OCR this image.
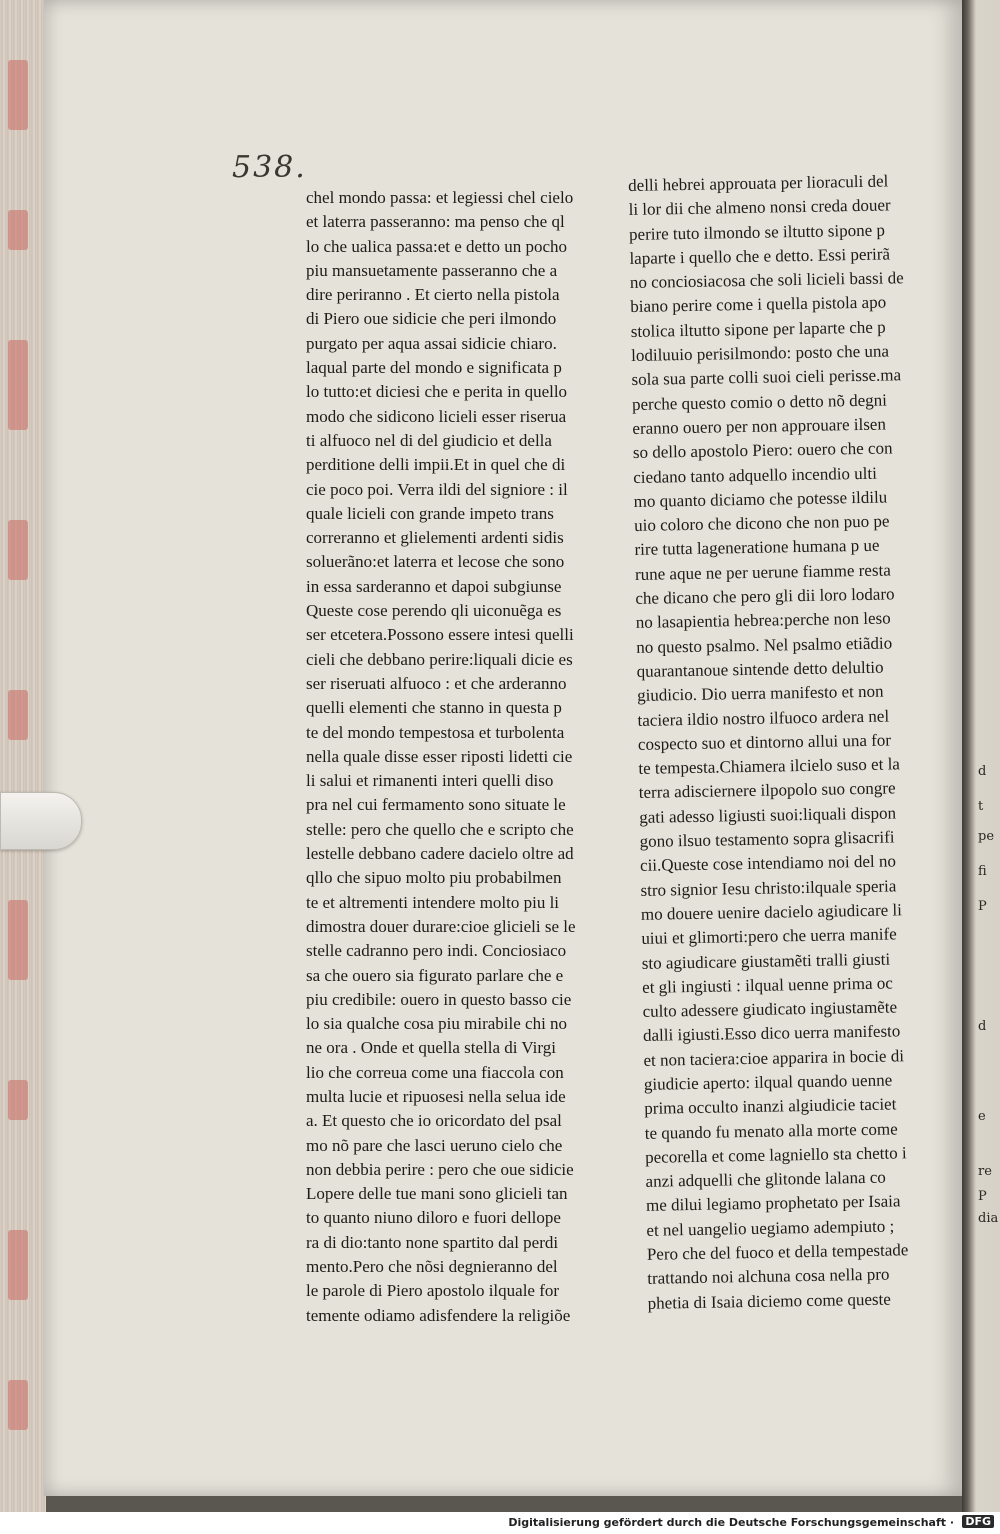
d
t
pe
fi
P
d
e
re
P
dia
538.
chel mondo passa: et legiessi chel cielo
et laterra passeranno: ma penso che ql
lo che ualica passa:et e detto un pocho
piu mansuetamente passeranno che a
dire periranno . Et cierto nella pistola
di Piero oue sidicie che peri ilmondo
purgato per aqua assai sidicie chiaro.
laqual parte del mondo e significata p
lo tutto:et diciesi che e perita in quello
modo che sidicono licieli esser riserua
ti alfuoco nel di del giudicio et della
perditione delli impii.Et in quel che di
cie poco poi. Verra ildi del signiore : il
quale licieli con grande impeto trans
correranno et glielementi ardenti sidis
soluerãno:et laterra et lecose che sono
in essa sarderanno et dapoi subgiunse
Queste cose perendo qli uiconuẽga es
ser etcetera.Possono essere intesi quelli
cieli che debbano perire:liquali dicie es
ser riseruati alfuoco : et che arderanno
quelli elementi che stanno in questa p
te del mondo tempestosa et turbolenta
nella quale disse esser riposti lidetti cie
li salui et rimanenti interi quelli diso
pra nel cui fermamento sono situate le
stelle: pero che quello che e scripto che
lestelle debbano cadere dacielo oltre ad
qllo che sipuo molto piu probabilmen
te et altrementi intendere molto piu li
dimostra douer durare:cioe glicieli se le
stelle cadranno pero indi. Conciosiaco
sa che ouero sia figurato parlare che e
piu credibile: ouero in questo basso cie
lo sia qualche cosa piu mirabile chi no
ne ora . Onde et quella stella di Virgi
lio che correua come una fiaccola con
multa lucie et ripuosesi nella selua ide
a. Et questo che io oricordato del psal
mo nõ pare che lasci ueruno cielo che
non debbia perire : pero che oue sidicie
Lopere delle tue mani sono glicieli tan
to quanto niuno diloro e fuori dellope
ra di dio:tanto none spartito dal perdi
mento.Pero che nõsi degnieranno del
le parole di Piero apostolo ilquale for
temente odiamo adisfendere la religiõe
delli hebrei approuata per lioraculi del
li lor dii che almeno nonsi creda douer
perire tuto ilmondo se iltutto sipone p
laparte i quello che e detto. Essi perirã
no conciosiacosa che soli licieli bassi de
biano perire come i quella pistola apo
stolica iltutto sipone per laparte che p
lodiluuio perisilmondo: posto che una
sola sua parte colli suoi cieli perisse.ma
perche questo comio o detto nõ degni
eranno ouero per non approuare ilsen
so dello apostolo Piero: ouero che con
ciedano tanto adquello incendio ulti
mo quanto diciamo che potesse ildilu
uio coloro che dicono che non puo pe
rire tutta lageneratione humana p ue
rune aque ne per uerune fiamme resta
che dicano che pero gli dii loro lodaro
no lasapientia hebrea:perche non leso
no questo psalmo. Nel psalmo etiãdio
quarantanoue sintende detto delultio
giudicio. Dio uerra manifesto et non
taciera ildio nostro ilfuoco ardera nel
cospecto suo et dintorno allui una for
te tempesta.Chiamera ilcielo suso et la
terra adisciernere ilpopolo suo congre
gati adesso ligiusti suoi:liquali dispon
gono ilsuo testamento sopra glisacrifi
cii.Queste cose intendiamo noi del no
stro signior Iesu christo:ilquale speria
mo douere uenire dacielo agiudicare li
uiui et glimorti:pero che uerra manife
sto agiudicare giustamẽti tralli giusti
et gli ingiusti : ilqual uenne prima oc
culto adessere giudicato ingiustamẽte
dalli igiusti.Esso dico uerra manifesto
et non taciera:cioe apparira in bocie di
giudicie aperto: ilqual quando uenne
prima occulto inanzi algiudicie taciet
te quando fu menato alla morte come
pecorella et come lagniello sta chetto i
anzi adquelli che glitonde lalana co
me dilui legiamo prophetato per Isaia
et nel uangelio uegiamo adempiuto ;
Pero che del fuoco et della tempestade
trattando noi alchuna cosa nella pro
phetia di Isaia diciemo come queste
Digitalisierung gefördert durch die Deutsche Forschungsgemeinschaft · DFG
